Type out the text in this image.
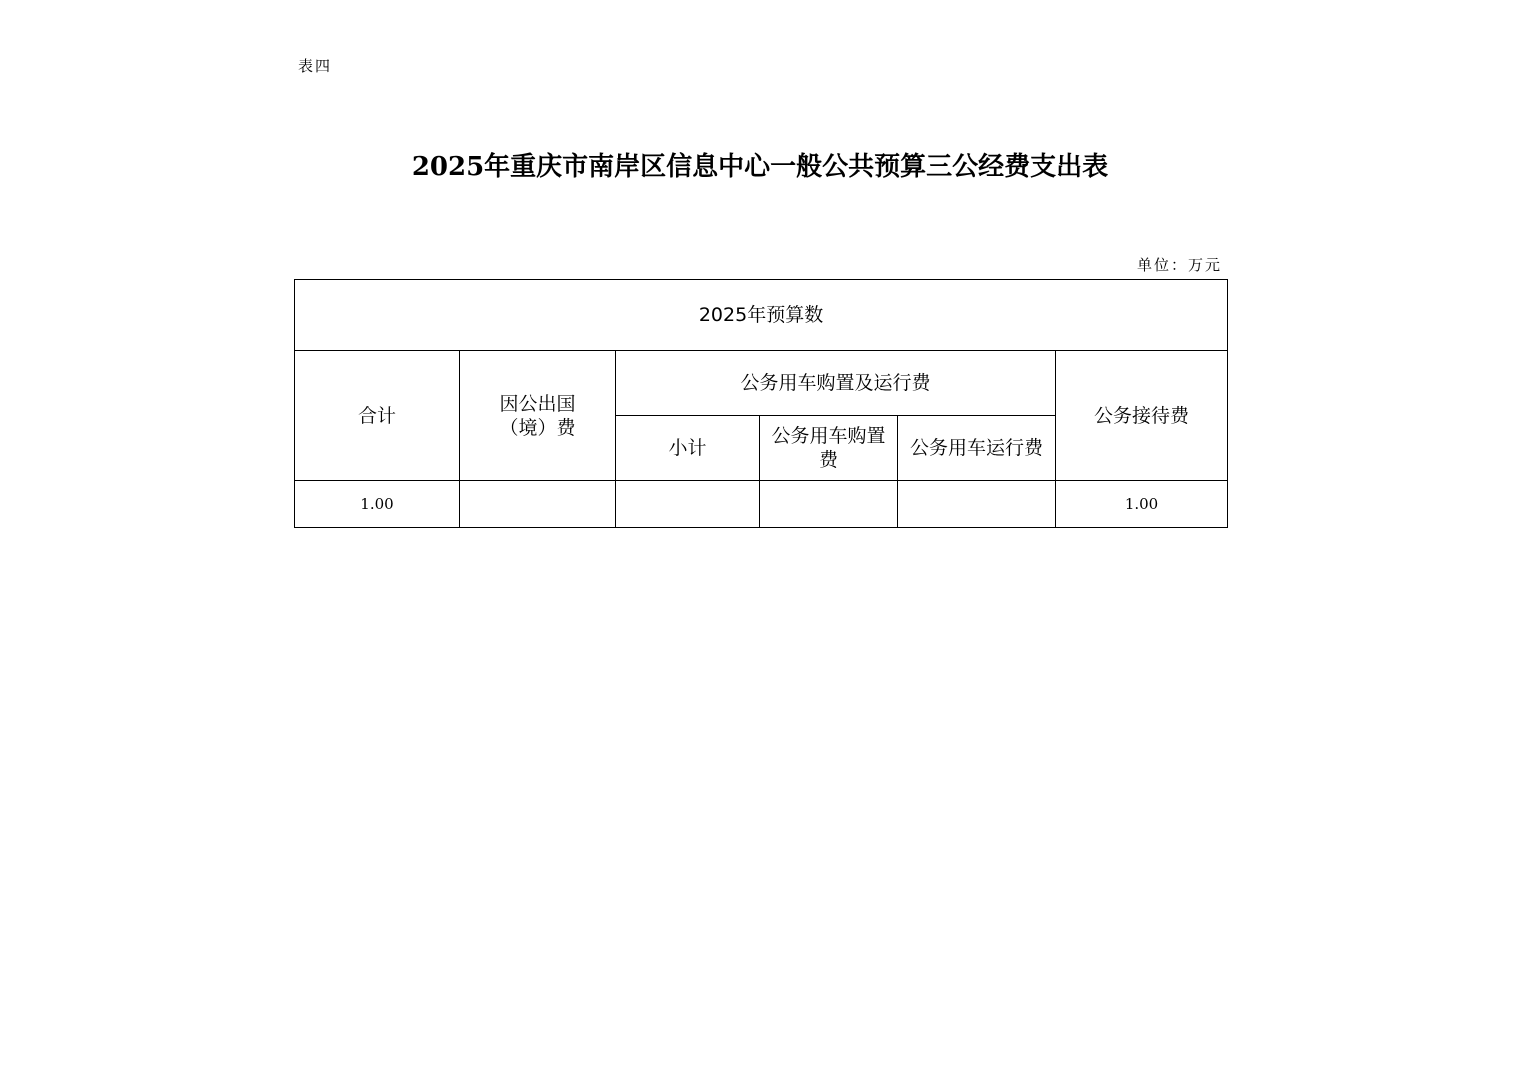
表四
2025年重庆市南岸区信息中心一般公共预算三公经费支出表
单位：万元
2025年预算数					
合计	因公出国（境）费	公务用车购置及运行费			公务接待费
		小计	公务用车购置费	公务用车运行费	
1.00					1.00
